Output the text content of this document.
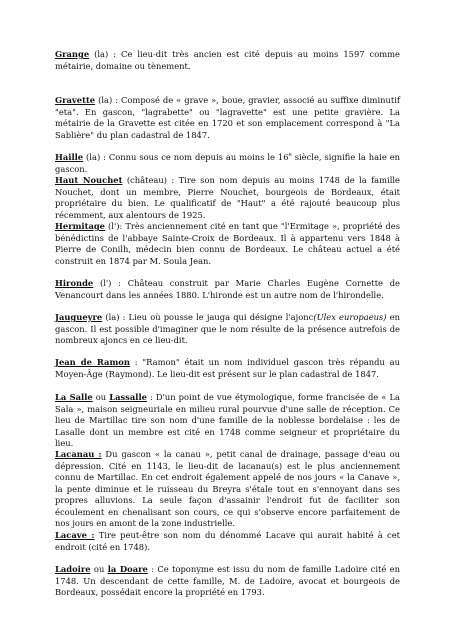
Grange (la) : Ce lieu-dit très ancien est cité depuis au moins 1597 comme métairie, domaine ou tènement.

Gravette (la) : Composé de « grave », boue, gravier, associé au suffixe diminutif "eta". En gascon, "lagrabette" ou "lagravette" est une petite gravière. La métairie de la Gravette est citée en 1720 et son emplacement correspond à "La Sablière" du plan cadastral de 1847.

Haille (la) : Connu sous ce nom depuis au moins le 16e siècle, signifie la haie en gascon.

Haut Nouchet (château) : Tire son nom depuis au moins 1748 de la famille Nouchet, dont un membre, Pierre Nouchet, bourgeois de Bordeaux, était propriétaire du bien. Le qualificatif de "Haut" a été rajouté beaucoup plus récemment, aux alentours de 1925.

Hermitage (l'): Très anciennement cité en tant que "l'Ermitage », propriété des bénédictins de l'abbaye Sainte-Croix de Bordeaux. Il à appartenu vers 1848 à Pierre de Conilh, médecin bien connu de Bordeaux. Le château actuel a été construit en 1874 par M. Soula Jean.

Hironde (l') : Château construit par Marie Charles Eugène Cornette de Venancourt dans les années 1880. L'hironde est un autre nom de l'hirondelle.

Jaugueyre (la) : Lieu où pousse le jauga qui désigne l'ajonc(Ulex europaeus) en gascon. Il est possible d'imaginer que le nom résulte de la présence autrefois de nombreux ajoncs en ce lieu-dit.

Jean de Ramon : "Ramon" était un nom individuel gascon très répandu au Moyen-Âge (Raymond). Le lieu-dit est présent sur le plan cadastral de 1847.

La Salle ou Lassalle : D'un point de vue étymologique, forme francisée de « La Sala », maison seigneuriale en milieu rural pourvue d'une salle de réception. Ce lieu de Martillac tire son nom d'une famille de la noblesse bordelaise : les de Lasalle dont un membre est cité en 1748 comme seigneur et propriétaire du lieu.

Lacanau : Du gascon « la canau », petit canal de drainage, passage d'eau ou dépression. Cité en 1143, le lieu-dit de lacanau(s) est le plus anciennement connu de Martillac. En cet endroit également appelé de nos jours « la Canave », la pente diminue et le ruisseau du Breyra s'étale tout en s'ennoyant dans ses propres alluvions. La seule façon d'assainir l'endroit fut de faciliter son écoulement en chenalisant son cours, ce qui s'observe encore parfaitement de nos jours en amont de la zone industrielle.

Lacave : Tire peut-être son nom du dénommé Lacave qui aurait habité à cet endroit (cité en 1748).

Ladoire ou la Doare : Ce toponyme est issu du nom de famille Ladoire cité en 1748. Un descendant de cette famille, M. de Ladoire, avocat et bourgeois de Bordeaux, possédait encore la propriété en 1793.
